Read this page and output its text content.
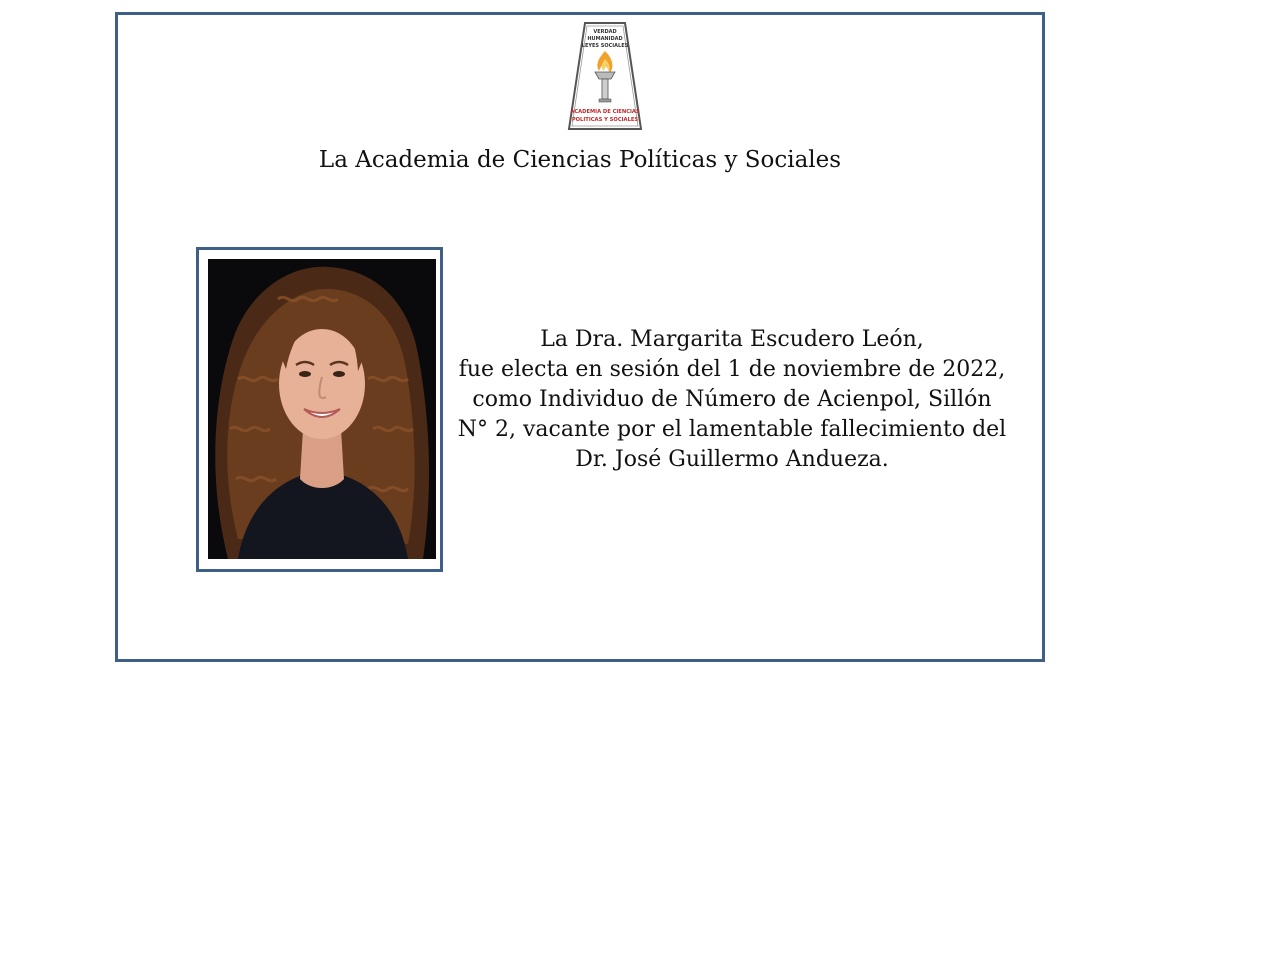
VERDAD
HUMANIDAD
LEYES SOCIALES
ACADEMIA DE CIENCIAS
POLITICAS Y SOCIALES
La Academia de Ciencias Políticas y Sociales
La Dra. Margarita Escudero León,
fue electa en sesión del 1 de noviembre de 2022,
como Individuo de Número de Acienpol, Sillón
N° 2, vacante por el lamentable fallecimiento del
Dr. José Guillermo Andueza.
